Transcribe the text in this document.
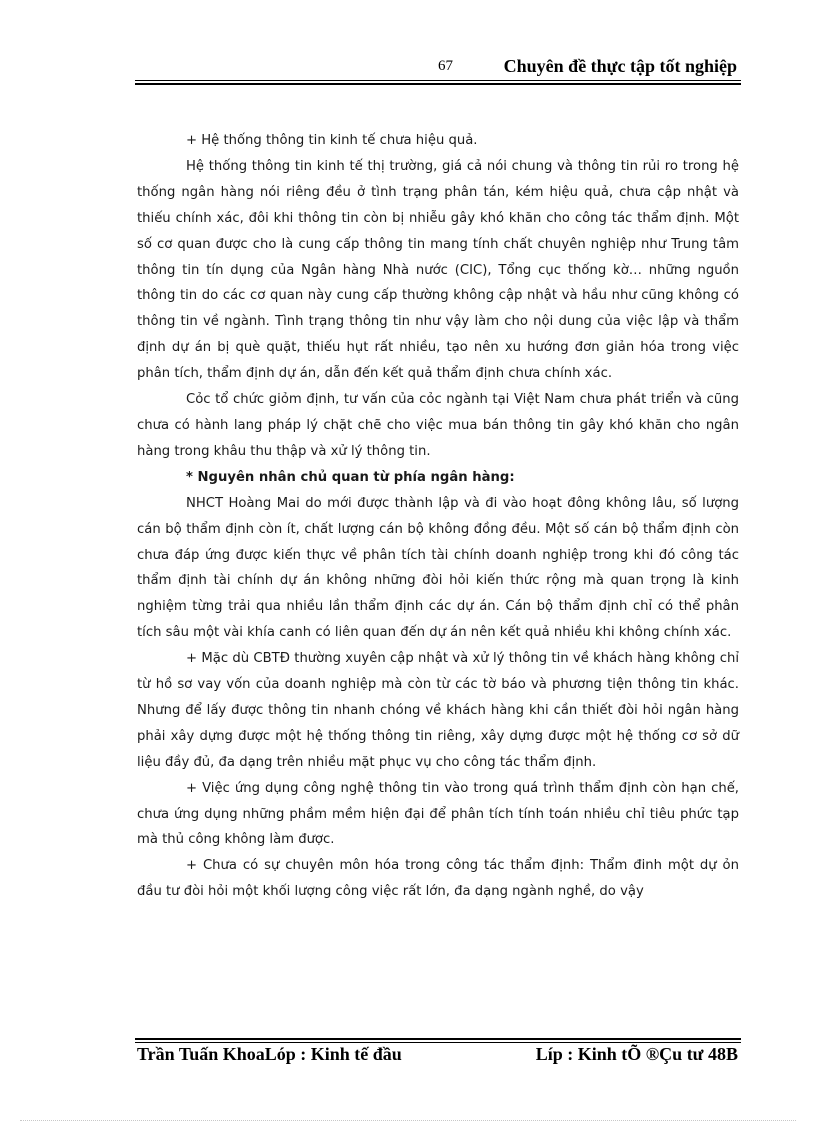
67	Chuyên đề thực tập tốt nghiệp

+ Hệ thống thông tin kinh tế chưa hiệu quả.

Hệ thống thông tin kinh tế thị trường, giá cả nói chung và thông tin rủi ro trong hệ thống ngân hàng nói riêng đều ở tình trạng phân tán, kém hiệu quả, chưa cập nhật và thiếu chính xác, đôi khi thông tin còn bị nhiễu gây khó khăn cho công tác thẩm định. Một số cơ quan được cho là cung cấp thông tin mang tính chất chuyên nghiệp như Trung tâm thông tin tín dụng của Ngân hàng Nhà nước (CIC), Tổng cục thống kờ… những nguồn thông tin do các cơ quan này cung cấp thường không cập nhật và hầu như cũng không có thông tin về ngành. Tình trạng thông tin như vậy làm cho nội dung của việc lập và thẩm định dự án bị què quặt, thiếu hụt rất nhiều, tạo nên xu hướng đơn giản hóa trong việc phân tích, thẩm định dự án, dẫn đến kết quả thẩm định chưa chính xác.

Cỏc tổ chức giỏm định, tư vấn của cỏc ngành tại Việt Nam chưa phát triển và cũng chưa có hành lang pháp lý chặt chẽ cho việc mua bán thông tin gây khó khăn cho ngân hàng trong khâu thu thập và xử lý thông tin.

* Nguyên nhân chủ quan từ phía ngân hàng:

NHCT Hoàng Mai do mới được thành lập và đi vào hoạt đông không lâu, số lượng cán bộ thẩm định còn ít, chất lượng cán bộ không đồng đều. Một số cán bộ thẩm định còn chưa đáp ứng được kiến thực về phân tích tài chính doanh nghiệp trong khi đó công tác thẩm định tài chính dự án không những đòi hỏi kiến thức rộng mà quan trọng là kinh nghiệm từng trải qua nhiều lần thẩm định các dự án. Cán bộ thẩm định chỉ có thể phân tích sâu một vài khía canh có liên quan đến dự án nên kết quả nhiều khi không chính xác.

+ Mặc dù CBTĐ thường xuyên cập nhật và xử lý thông tin về khách hàng không chỉ từ hồ sơ vay vốn của doanh nghiệp mà còn từ các tờ báo và phương tiện thông tin khác. Nhưng để lấy được thông tin nhanh chóng về khách hàng khi cần thiết đòi hỏi ngân hàng phải xây dựng được một hệ thống thông tin riêng, xây dựng được một hệ thống cơ sở dữ liệu đầy đủ, đa dạng trên nhiều mặt phục vụ cho công tác thẩm định.

+ Việc ứng dụng công nghệ thông tin vào trong quá trình thẩm định còn hạn chế, chưa ứng dụng những phầm mềm hiện đại để phân tích tính toán nhiều chỉ tiêu phức tạp mà thủ công không làm được.

+ Chưa có sự chuyên môn hóa trong công tác thẩm định: Thẩm đinh một dự ỏn đầu tư đòi hỏi một khối lượng công việc rất lớn, đa dạng ngành nghề, do vậy

Trần Tuấn KhoaLóp : Kinh tế đầu	Líp : Kinh tÕ ®Çu tư 48B
